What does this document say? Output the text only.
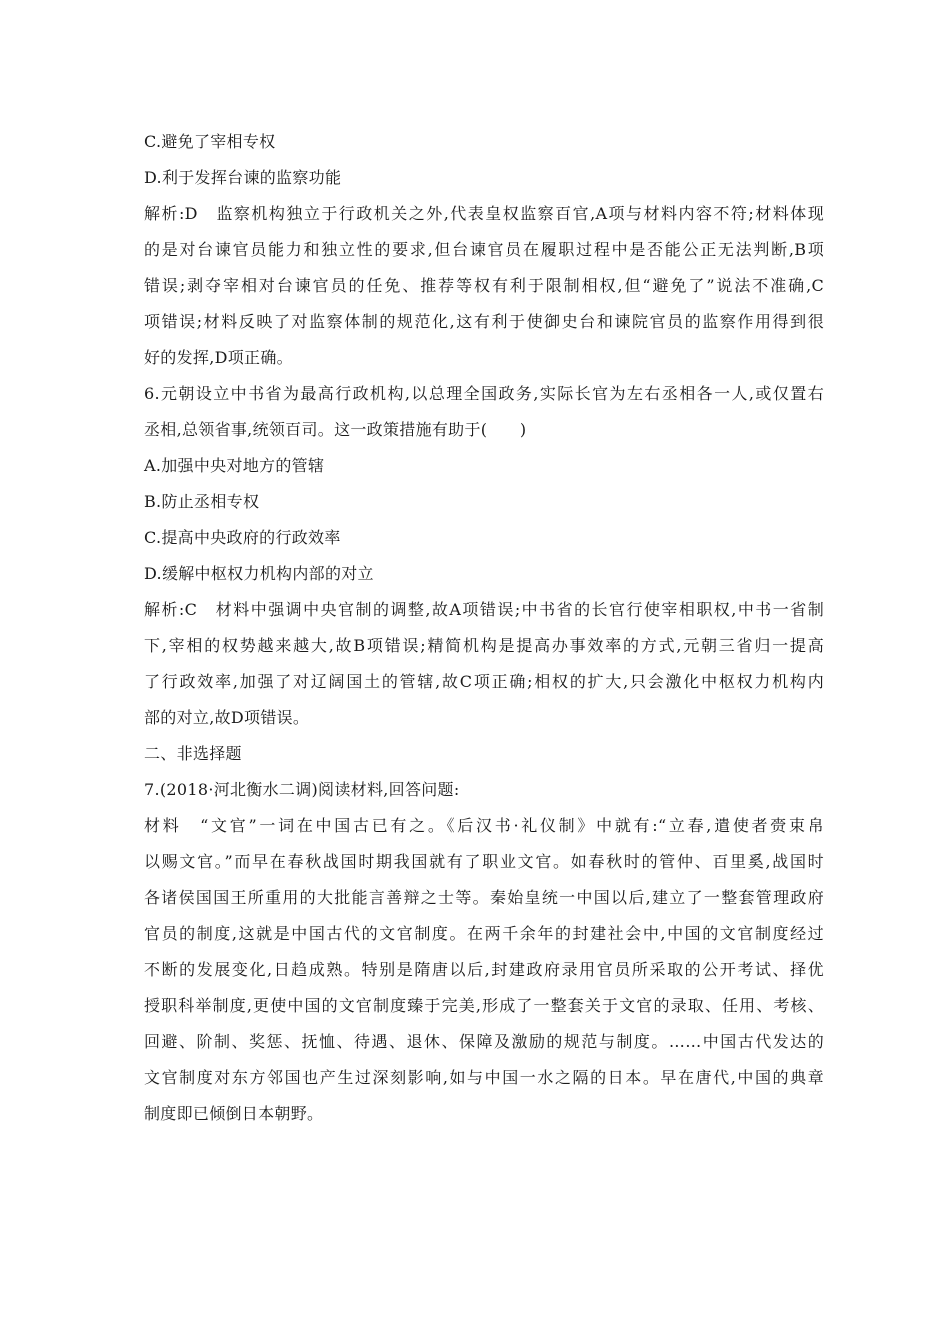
C.避免了宰相专权
D.利于发挥台谏的监察功能
解析:D　监察机构独立于行政机关之外,代表皇权监察百官,A项与材料内容不符;材料体现
的是对台谏官员能力和独立性的要求,但台谏官员在履职过程中是否能公正无法判断,B项
错误;剥夺宰相对台谏官员的任免、推荐等权有利于限制相权,但“避免了”说法不准确,C
项错误;材料反映了对监察体制的规范化,这有利于使御史台和谏院官员的监察作用得到很
好的发挥,D项正确。
6.元朝设立中书省为最高行政机构,以总理全国政务,实际长官为左右丞相各一人,或仅置右
丞相,总领省事,统领百司。这一政策措施有助于(　　)
A.加强中央对地方的管辖
B.防止丞相专权
C.提高中央政府的行政效率
D.缓解中枢权力机构内部的对立
解析:C　材料中强调中央官制的调整,故A项错误;中书省的长官行使宰相职权,中书一省制
下,宰相的权势越来越大,故B项错误;精简机构是提高办事效率的方式,元朝三省归一提高
了行政效率,加强了对辽阔国土的管辖,故C项正确;相权的扩大,只会激化中枢权力机构内
部的对立,故D项错误。
二、非选择题
7.(2018·河北衡水二调)阅读材料,回答问题:
材料　“文官”一词在中国古已有之。《后汉书·礼仪制》中就有:“立春,遣使者赍束帛
以赐文官。”而早在春秋战国时期我国就有了职业文官。如春秋时的管仲、百里奚,战国时
各诸侯国国王所重用的大批能言善辩之士等。秦始皇统一中国以后,建立了一整套管理政府
官员的制度,这就是中国古代的文官制度。在两千余年的封建社会中,中国的文官制度经过
不断的发展变化,日趋成熟。特别是隋唐以后,封建政府录用官员所采取的公开考试、择优
授职科举制度,更使中国的文官制度臻于完美,形成了一整套关于文官的录取、任用、考核、
回避、阶制、奖惩、抚恤、待遇、退休、保障及激励的规范与制度。……中国古代发达的
文官制度对东方邻国也产生过深刻影响,如与中国一水之隔的日本。早在唐代,中国的典章
制度即已倾倒日本朝野。
